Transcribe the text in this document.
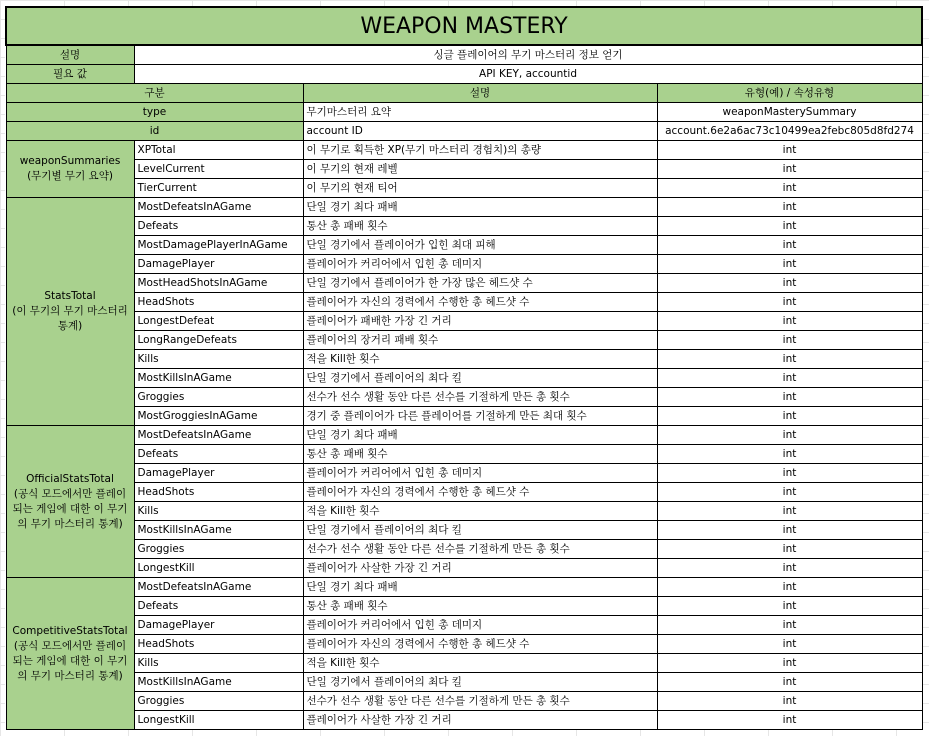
WEAPON MASTERY			
설명	싱글 플레이어의 무기 마스터리 정보 얻기		
필요 값	API KEY, accountid		
구분		설명	유형(예) / 속성유형
type		무기마스터리 요약	weaponMasterySummary
id		account ID	account.6e2a6ac73c10499ea2febc805d8fd274
weaponSummaries
(무기별 무기 요약)	XPTotal	이 무기로 획득한 XP(무기 마스터리 경험치)의 총량	int
	LevelCurrent	이 무기의 현재 레벨	int
	TierCurrent	이 무기의 현재 티어	int
StatsTotal
(이 무기의 무기 마스터리 통계)	MostDefeatsInAGame	단일 경기 최다 패배	int
	Defeats	통산 총 패배 횟수	int
	MostDamagePlayerInAGame	단일 경기에서 플레이어가 입힌 최대 피해	int
	DamagePlayer	플레이어가 커리어에서 입힌 총 데미지	int
	MostHeadShotsInAGame	단일 경기에서 플레이어가 한 가장 많은 헤드샷 수	int
	HeadShots	플레이어가 자신의 경력에서 수행한 총 헤드샷 수	int
	LongestDefeat	플레이어가 패배한 가장 긴 거리	int
	LongRangeDefeats	플레이어의 장거리 패배 횟수	int
	Kills	적을 Kill한 횟수	int
	MostKillsInAGame	단일 경기에서 플레이어의 최다 킬	int
	Groggies	선수가 선수 생활 동안 다른 선수를 기절하게 만든 총 횟수	int
	MostGroggiesInAGame	경기 중 플레이어가 다른 플레이어를 기절하게 만든 최대 횟수	int
OfficialStatsTotal
(공식 모드에서만 플레이되는 게임에 대한 이 무기의 무기 마스터리 통계)	MostDefeatsInAGame	단일 경기 최다 패배	int
	Defeats	통산 총 패배 횟수	int
	DamagePlayer	플레이어가 커리어에서 입힌 총 데미지	int
	HeadShots	플레이어가 자신의 경력에서 수행한 총 헤드샷 수	int
	Kills	적을 Kill한 횟수	int
	MostKillsInAGame	단일 경기에서 플레이어의 최다 킬	int
	Groggies	선수가 선수 생활 동안 다른 선수를 기절하게 만든 총 횟수	int
	LongestKill	플레이어가 사살한 가장 긴 거리	int
CompetitiveStatsTotal
(공식 모드에서만 플레이되는 게임에 대한 이 무기의 무기 마스터리 통계)	MostDefeatsInAGame	단일 경기 최다 패배	int
	Defeats	통산 총 패배 횟수	int
	DamagePlayer	플레이어가 커리어에서 입힌 총 데미지	int
	HeadShots	플레이어가 자신의 경력에서 수행한 총 헤드샷 수	int
	Kills	적을 Kill한 횟수	int
	MostKillsInAGame	단일 경기에서 플레이어의 최다 킬	int
	Groggies	선수가 선수 생활 동안 다른 선수를 기절하게 만든 총 횟수	int
	LongestKill	플레이어가 사살한 가장 긴 거리	int
